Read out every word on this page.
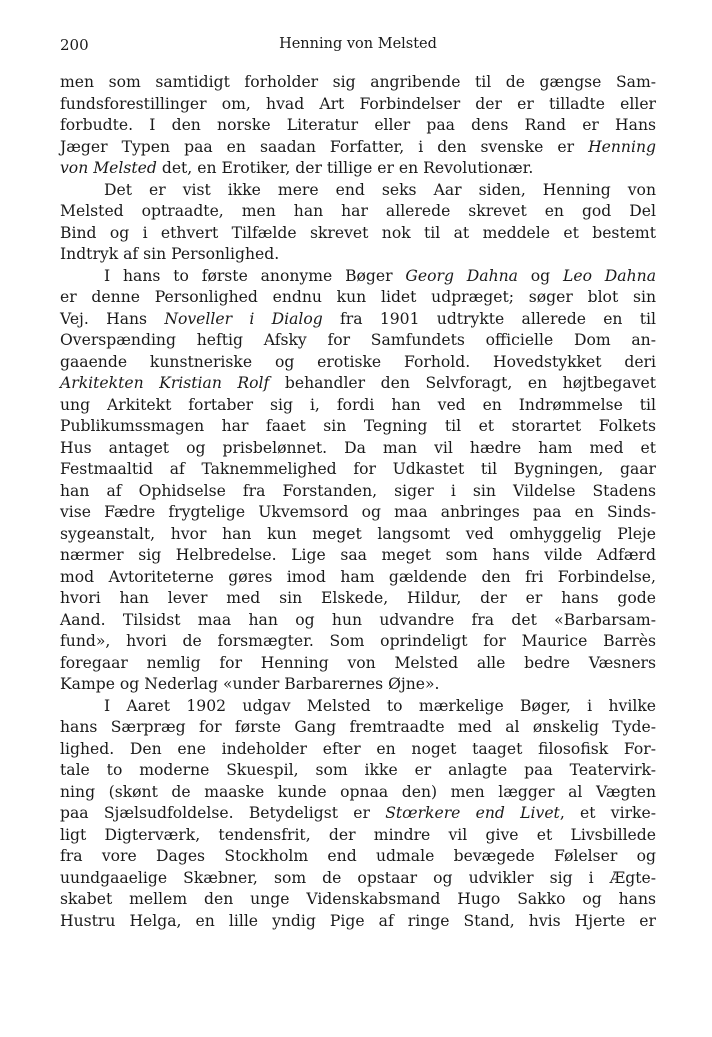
200	Henning von Melsted
men som samtidigt forholder sig angribende til de gængse Sam-
fundsforestillinger om, hvad Art Forbindelser der er tilladte eller
forbudte. I den norske Literatur eller paa dens Rand er Hans
Jæger Typen paa en saadan Forfatter, i den svenske er Henning
von Melsted det, en Erotiker, der tillige er en Revolutionær.
Det er vist ikke mere end seks Aar siden, Henning von
Melsted optraadte, men han har allerede skrevet en god Del
Bind og i ethvert Tilfælde skrevet nok til at meddele et bestemt
Indtryk af sin Personlighed.
I hans to første anonyme Bøger Georg Dahna og Leo Dahna
er denne Personlighed endnu kun lidet udpræget; søger blot sin
Vej. Hans Noveller i Dialog fra 1901 udtrykte allerede en til
Overspænding heftig Afsky for Samfundets officielle Dom an-
gaaende kunstneriske og erotiske Forhold. Hovedstykket deri
Arkitekten Kristian Rolf behandler den Selvforagt, en højtbegavet
ung Arkitekt fortaber sig i, fordi han ved en Indrømmelse til
Publikumssmagen har faaet sin Tegning til et storartet Folkets
Hus antaget og prisbelønnet. Da man vil hædre ham med et
Festmaaltid af Taknemmelighed for Udkastet til Bygningen, gaar
han af Ophidselse fra Forstanden, siger i sin Vildelse Stadens
vise Fædre frygtelige Ukvemsord og maa anbringes paa en Sinds-
sygeanstalt, hvor han kun meget langsomt ved omhyggelig Pleje
nærmer sig Helbredelse. Lige saa meget som hans vilde Adfærd
mod Avtoriteterne gøres imod ham gældende den fri Forbindelse,
hvori han lever med sin Elskede, Hildur, der er hans gode
Aand. Tilsidst maa han og hun udvandre fra det «Barbarsam-
fund», hvori de forsmægter. Som oprindeligt for Maurice Barrès
foregaar nemlig for Henning von Melsted alle bedre Væsners
Kampe og Nederlag «under Barbarernes Øjne».
I Aaret 1902 udgav Melsted to mærkelige Bøger, i hvilke
hans Særpræg for første Gang fremtraadte med al ønskelig Tyde-
lighed. Den ene indeholder efter en noget taaget filosofisk For-
tale to moderne Skuespil, som ikke er anlagte paa Teatervirk-
ning (skønt de maaske kunde opnaa den) men lægger al Vægten
paa Sjælsudfoldelse. Betydeligst er Stœrkere end Livet, et virke-
ligt Digterværk, tendensfrit, der mindre vil give et Livsbillede
fra vore Dages Stockholm end udmale bevægede Følelser og
uundgaaelige Skæbner, som de opstaar og udvikler sig i Ægte-
skabet mellem den unge Videnskabsmand Hugo Sakko og hans
Hustru Helga, en lille yndig Pige af ringe Stand, hvis Hjerte er
